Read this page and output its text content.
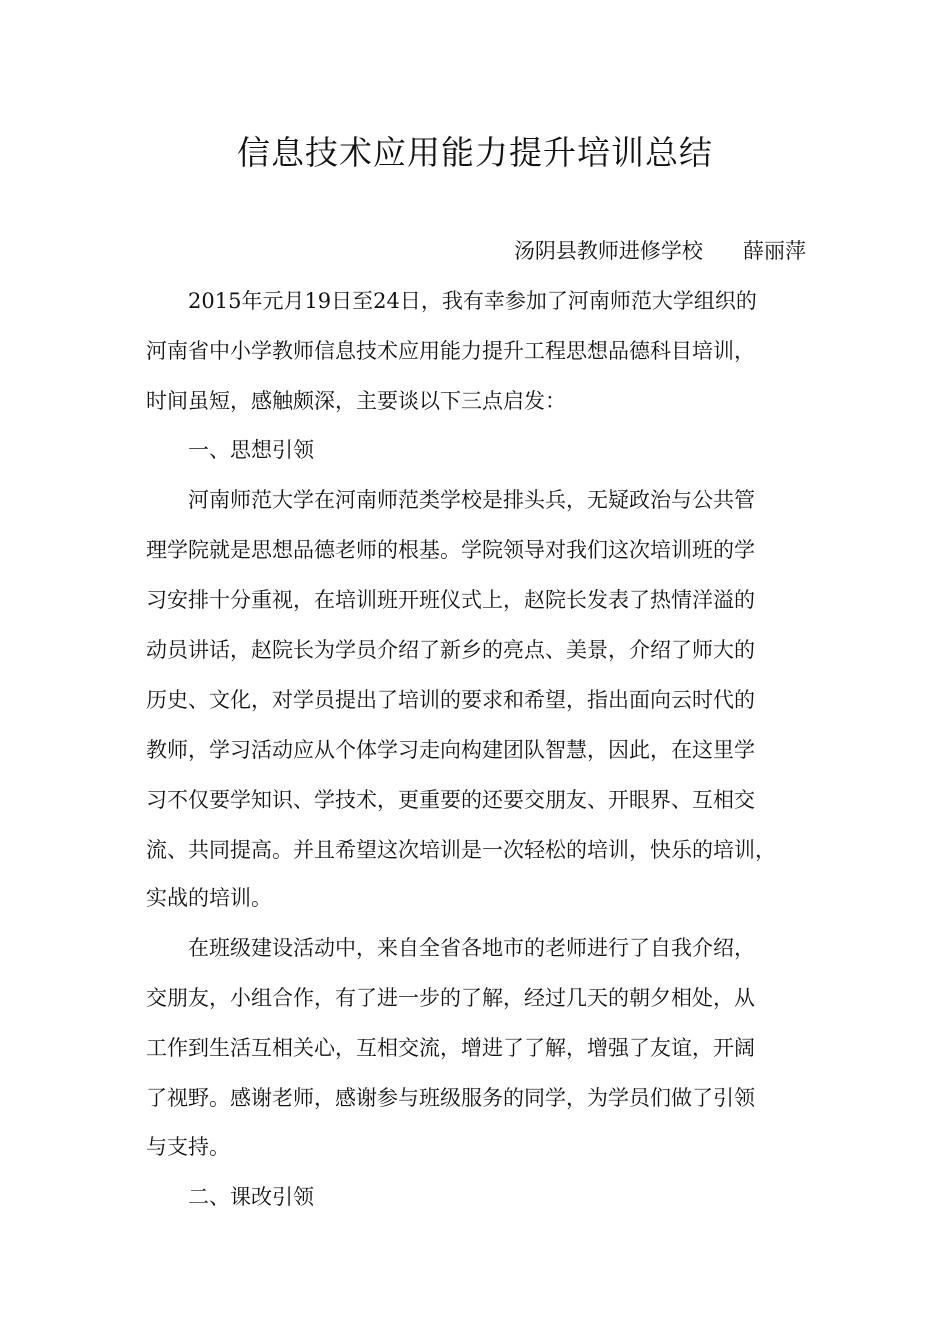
信息技术应用能力提升培训总结
汤阴县教师进修学校      薛丽萍
2015年元月19日至24日，我有幸参加了河南师范大学组织的
河南省中小学教师信息技术应用能力提升工程思想品德科目培训，
时间虽短，感触颇深，主要谈以下三点启发：
一、思想引领
河南师范大学在河南师范类学校是排头兵，无疑政治与公共管
理学院就是思想品德老师的根基。学院领导对我们这次培训班的学
习安排十分重视，在培训班开班仪式上，赵院长发表了热情洋溢的
动员讲话，赵院长为学员介绍了新乡的亮点、美景，介绍了师大的
历史、文化，对学员提出了培训的要求和希望，指出面向云时代的
教师，学习活动应从个体学习走向构建团队智慧，因此，在这里学
习不仅要学知识、学技术，更重要的还要交朋友、开眼界、互相交
流、共同提高。并且希望这次培训是一次轻松的培训，快乐的培训，
实战的培训。
在班级建设活动中，来自全省各地市的老师进行了自我介绍，
交朋友，小组合作，有了进一步的了解，经过几天的朝夕相处，从
工作到生活互相关心，互相交流，增进了了解，增强了友谊，开阔
了视野。感谢老师，感谢参与班级服务的同学，为学员们做了引领
与支持。
二、课改引领
